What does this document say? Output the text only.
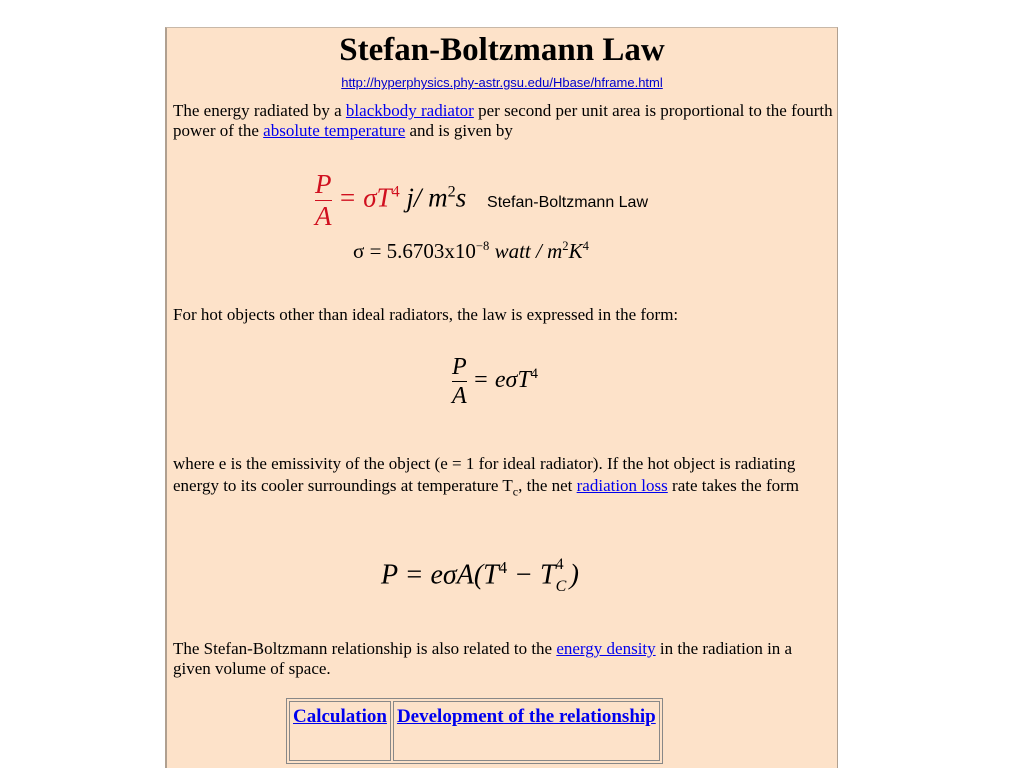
Stefan-Boltzmann Law
http://hyperphysics.phy-astr.gsu.edu/Hbase/hframe.html
The energy radiated by a blackbody radiator per second per unit area is proportional to the fourth power of the absolute temperature and is given by
$\frac{P}{A} = \sigma T^4$ j/ $m^2s$ Stefan-Boltzmann Law
$\sigma = 5.6703x10^{-8}$ watt / $m^2K^4$
For hot objects other than ideal radiators, the law is expressed in the form:
$\frac{P}{A} = e\sigma T^4$
where e is the emissivity of the object (e = 1 for ideal radiator). If the hot object is radiating energy to its cooler surroundings at temperature $T_c$, the net radiation loss rate takes the form
$P = e\sigma A(T^4 - T$ 4
C )
The Stefan-Boltzmann relationship is also related to the energy density in the radiation in a given volume of space.
Calculation	Development of the relationship
